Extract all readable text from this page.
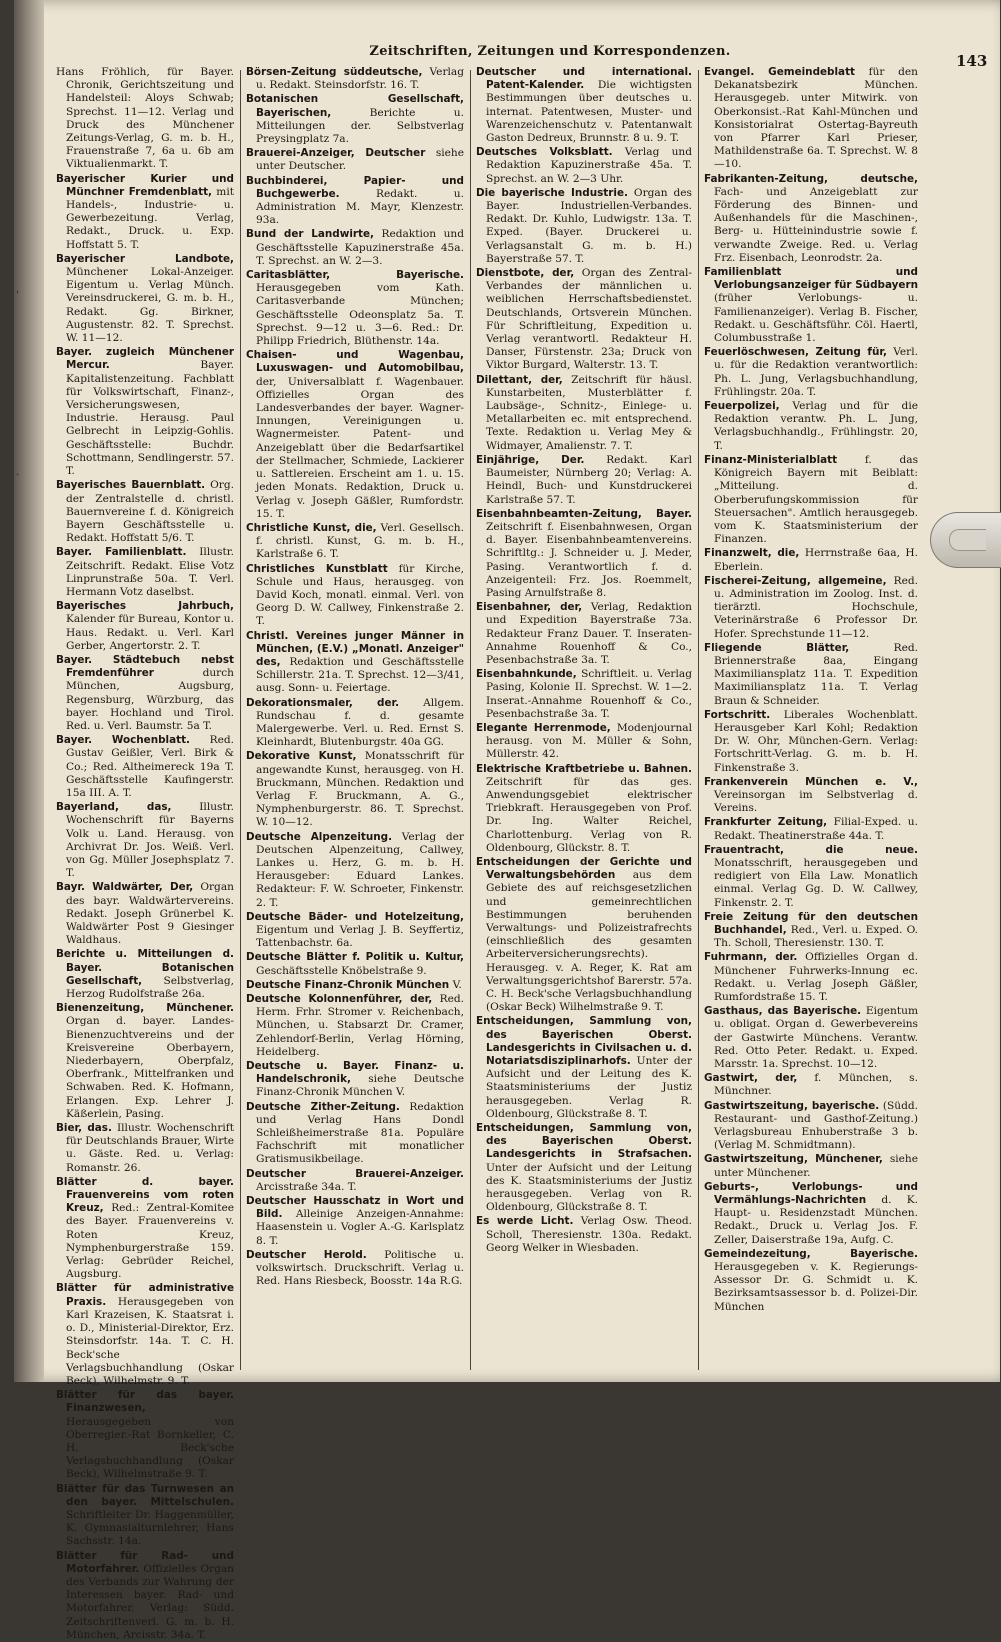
'
·
Zeitschriften, Zeitungen und Korrespondenzen.
143

Hans Fröhlich, für Bayer. Chronik, Gerichtszeitung und Handelsteil: Aloys Schwab; Sprechst. 11—12. Verlag und Druck des Münchener Zeitungs-Verlag, G. m. b. H., Frauenstraße 7, 6a u. 6b am Viktualienmarkt. T.

Bayerischer Kurier und Münchner Fremdenblatt, mit Handels-, Industrie- u. Gewerbezeitung. Verlag, Redakt., Druck. u. Exp. Hoffstatt 5. T.

Bayerischer Landbote, Münchener Lokal-Anzeiger. Eigentum u. Verlag Münch. Vereinsdruckerei, G. m. b. H., Redakt. Gg. Birkner, Augustenstr. 82. T. Sprechst. W. 11—12.

Bayer. zugleich Münchener Mercur.	Bayer. Kapitalistenzeitung. Fachblatt für Volkswirtschaft, Finanz-, Versicherungswesen, Industrie. Herausg. Paul Gelbrecht in Leipzig-Gohlis. Geschäftsstelle: Buchdr. Schottmann, Sendlingerstr. 57. T.

Bayerisches Bauernblatt. Org. der Zentralstelle d. christl. Bauernvereine f. d. Königreich Bayern Geschäftsstelle u. Redakt. Hoffstatt 5/6. T.

Bayer. Familienblatt. Illustr. Zeitschrift. Redakt. Elise Votz Linprunstraße 50a. T. Verl. Hermann Votz daselbst.

Bayerisches Jahrbuch, Kalender für Bureau, Kontor u. Haus. Redakt. u. Verl. Karl Gerber, Angertorstr. 2. T.

Bayer. Städtebuch nebst Fremdenführer	durch München, Augsburg, Regensburg, Würzburg, das bayer. Hochland und Tirol. Red. u. Verl. Baumstr. 5a T.

Bayer. Wochenblatt. Red. Gustav Geißler, Verl. Birk & Co.; Red. Altheimereck 19a T. Geschäftsstelle Kaufingerstr. 15a III. A. T.

Bayerland, das,	Illustr. Wochenschrift für Bayerns Volk u. Land. Herausg. von Archivrat Dr. Jos. Weiß. Verl. von Gg. Müller Josephsplatz 7. T.

Bayr. Waldwärter, Der, Organ des bayr. Waldwärtervereins. Redakt. Joseph Grünerbel K. Waldwärter Post 9 Giesinger Waldhaus.

Berichte u. Mitteilungen d. Bayer. Botanischen Gesellschaft, Selbstverlag, Herzog Rudolfstraße 26a.

Bienenzeitung, Münchener. Organ d. bayer. Landes-Bienenzuchtvereins und der Kreisvereine Oberbayern, Niederbayern, Oberpfalz, Oberfrank., Mittelfranken und Schwaben. Red. K. Hofmann, Erlangen. Exp. Lehrer J. Käßerlein, Pasing.

Bier, das. Illustr. Wochenschrift für Deutschlands Brauer, Wirte u. Gäste. Red. u. Verlag: Romanstr. 26.

Blätter d. bayer. Frauenvereins vom roten Kreuz, Red.: Zentral-Komitee des Bayer. Frauenvereins v. Roten Kreuz, Nymphenburgerstraße 159. Verlag: Gebrüder Reichel, Augsburg.

Blätter für administrative Praxis. Herausgegeben von Karl Krazeisen, K. Staatsrat i. o. D., Ministerial-Direktor, Erz. Steinsdorfstr. 14a. T. C. H. Beck'sche Verlagsbuchhandlung (Oskar Beck), Wilhelmstr. 9. T.

Blätter für das bayer. Finanzwesen, Herausgegeben von Oberregier.-Rat Bornkeller, C. H. Beck'sche Verlagsbuchhandlung (Oskar Beck), Wilhelmstraße 9. T.

Blätter für das Turnwesen an den bayer. Mittelschulen. Schriftleiter Dr. Haggenmüller, K. Gymnasialturnlehrer, Hans Sachsstr. 14a.

Blätter für Rad- und Motorfahrer. Offizielles Organ des Verbands zur Wahrung der Interessen bayer. Rad- und Motorfahrer. Verlag: Südd. Zeitschriftenverl. G. m. b. H. München, Arcisstr. 34a. T.

Börsen-Zeitung süddeutsche, Verlag u. Redakt. Steinsdorfstr. 16. T.

Botanischen Gesellschaft, Bayerischen,	Berichte u. Mitteilungen der. Selbstverlag Preysingplatz 7a.

Brauerei-Anzeiger, Deutscher siehe unter Deutscher.

Buchbinderei, Papier- und Buchgewerbe.	Redakt. u. Administration M. Mayr, Klenzestr. 93a.

Bund der Landwirte, Redaktion und Geschäftsstelle Kapuzinerstraße 45a. T. Sprechst. an W. 2—3.

Caritasblätter, Bayerische. Herausgegeben vom Kath. Caritasverbande München; Geschäftsstelle Odeonsplatz 5a. T. Sprechst. 9—12 u. 3—6. Red.: Dr. Philipp Friedrich, Blüthenstr. 14a.

Chaisen- und Wagenbau, Luxuswagen- und Automobilbau, der, Universalblatt f. Wagenbauer. Offizielles Organ des Landesverbandes der bayer. Wagner-Innungen, Vereinigungen u. Wagnermeister. Patent- und Anzeigeblatt über die Bedarfsartikel der Stellmacher, Schmiede, Lackierer u. Sattlereien. Erscheint am 1. u. 15. jeden Monats. Redaktion, Druck u. Verlag v. Joseph Gäßler, Rumfordstr. 15. T.

Christliche Kunst, die, Verl. Gesellsch. f. christl. Kunst, G. m. b. H., Karlstraße 6. T.

Christliches Kunstblatt für Kirche, Schule und Haus, herausgeg. von David Koch, monatl. einmal. Verl. von Georg D. W. Callwey, Finkenstraße 2. T.

Christl. Vereines junger Männer in München, (E.V.) „Monatl. Anzeiger" des, Redaktion und Geschäftsstelle Schillerstr. 21a. T. Sprechst. 12—3/41, ausg. Sonn- u. Feiertage.

Dekorationsmaler, der. Allgem. Rundschau f. d. gesamte Malergewerbe. Verl. u. Red. Ernst S. Kleinhardt, Blutenburgstr. 40a GG.

Dekorative Kunst, Monatsschrift für angewandte Kunst, herausgeg. von H. Bruckmann, München. Redaktion und Verlag F. Bruckmann, A. G., Nymphenburgerstr. 86. T. Sprechst. W. 10—12.

Deutsche Alpenzeitung. Verlag der Deutschen Alpenzeitung, Callwey, Lankes u. Herz, G. m. b. H. Herausgeber: Eduard Lankes. Redakteur: F. W. Schroeter, Finkenstr. 2. T.

Deutsche Bäder- und Hotelzeitung, Eigentum und Verlag J. B. Seyffertiz, Tattenbachstr. 6a.

Deutsche Blätter f. Politik u. Kultur, Geschäftsstelle Knöbelstraße 9.

Deutsche Finanz-Chronik München V.

Deutsche Kolonnenführer, der, Red. Herm. Frhr. Stromer v. Reichenbach, München, u. Stabsarzt Dr. Cramer, Zehlendorf-Berlin, Verlag Hörning, Heidelberg.

Deutsche u. Bayer. Finanz- u. Handelschronik, siehe Deutsche Finanz-Chronik München V.

Deutsche Zither-Zeitung. Redaktion und Verlag Hans Dondl Schleißheimerstraße 81a. Populäre Fachschrift mit monatlicher Gratismusikbeilage.

Deutscher Brauerei-Anzeiger. Arcisstraße 34a. T.

Deutscher Hausschatz in Wort und Bild. Alleinige Anzeigen-Annahme: Haasenstein u. Vogler A.-G. Karlsplatz 8. T.

Deutscher Herold. Politische u. volkswirtsch. Druckschrift. Verlag u. Red. Hans Riesbeck, Boosstr. 14a R.G.

Deutscher und international. Patent-Kalender. Die wichtigsten Bestimmungen über deutsches u. internat. Patentwesen, Muster- und Warenzeichenschutz v. Patentanwalt Gaston Dedreux, Brunnstr. 8 u. 9. T.

Deutsches Volksblatt. Verlag und Redaktion Kapuzinerstraße 45a. T. Sprechst. an W. 2—3 Uhr.

Die bayerische Industrie. Organ des Bayer. Industriellen-Verbandes. Redakt. Dr. Kuhlo, Ludwigstr. 13a. T. Exped. (Bayer. Druckerei u. Verlagsanstalt G. m. b. H.) Bayerstraße 57. T.

Dienstbote, der, Organ des Zentral-Verbandes der männlichen u. weiblichen Herrschaftsbedienstet. Deutschlands, Ortsverein München. Für Schriftleitung, Expedition u. Verlag verantwortl. Redakteur H. Danser, Fürstenstr. 23a; Druck von Viktor Burgard, Walterstr. 13. T.

Dilettant, der, Zeitschrift für häusl. Kunstarbeiten, Musterblätter f. Laubsäge-, Schnitz-, Einlege- u. Metallarbeiten ec. mit entsprechend. Texte. Redaktion u. Verlag Mey & Widmayer, Amalienstr. 7. T.

Einjährige, Der. Redakt. Karl Baumeister, Nürnberg 20; Verlag: A. Heindl, Buch- und Kunstdruckerei Karlstraße 57. T.

Eisenbahnbeamten-Zeitung, Bayer. Zeitschrift f. Eisenbahnwesen, Organ d. Bayer. Eisenbahnbeamtenvereins. Schriftltg.: J. Schneider u. J. Meder, Pasing. Verantwortlich f. d. Anzeigenteil: Frz. Jos. Roemmelt, Pasing Arnulfstraße 8.

Eisenbahner, der, Verlag, Redaktion und Expedition Bayerstraße 73a. Redakteur Franz Dauer. T. Inseraten-Annahme Rouenhoff & Co., Pesenbachstraße 3a. T.

Eisenbahnkunde, Schriftleit. u. Verlag Pasing, Kolonie II. Sprechst. W. 1—2. Inserat.-Annahme Rouenhoff & Co., Pesenbachstraße 3a. T.

Elegante Herrenmode, Modenjournal herausg. von M. Müller & Sohn, Müllerstr. 42.

Elektrische Kraftbetriebe u. Bahnen. Zeitschrift für das ges. Anwendungsgebiet elektrischer Triebkraft. Herausgegeben von Prof. Dr. Ing. Walter Reichel, Charlottenburg. Verlag von R. Oldenbourg, Glückstr. 8. T.

Entscheidungen der Gerichte und Verwaltungsbehörden aus dem Gebiete des auf reichsgesetzlichen und gemeinrechtlichen Bestimmungen beruhenden Verwaltungs- und Polizeistrafrechts (einschließlich des gesamten Arbeiterversicherungsrechts). Herausgeg. v. A. Reger, K. Rat am Verwaltungsgerichtshof Barerstr. 57a. C. H. Beck'sche Verlagsbuchhandlung (Oskar Beck) Wilhelmstraße 9. T.

Entscheidungen, Sammlung von, des Bayerischen Oberst. Landesgerichts in Civilsachen u. d. Notariatsdisziplinarhofs. Unter der Aufsicht und der Leitung des K. Staatsministeriums der Justiz herausgegeben. Verlag R. Oldenbourg, Glückstraße 8. T.

Entscheidungen, Sammlung von, des Bayerischen Oberst. Landesgerichts in Strafsachen. Unter der Aufsicht und der Leitung des K. Staatsministeriums der Justiz herausgegeben. Verlag von R. Oldenbourg, Glückstraße 8. T.

Es werde Licht. Verlag Osw. Theod. Scholl, Theresienstr. 130a. Redakt. Georg Welker in Wiesbaden.

Evangel. Gemeindeblatt für den Dekanatsbezirk München. Herausgegeb. unter Mitwirk. von Oberkonsist.-Rat Kahl-München und Konsistorialrat Ostertag-Bayreuth von Pfarrer Karl Prieser, Mathildenstraße 6a. T. Sprechst. W. 8—10.

Fabrikanten-Zeitung, deutsche, Fach- und Anzeigeblatt zur Förderung des Binnen- und Außenhandels für die Maschinen-, Berg- u. Hütteinindustrie sowie f. verwandte Zweige. Red. u. Verlag Frz. Eisenbach, Leonrodstr. 2a.

Familienblatt und Verlobungsanzeiger für Südbayern (früher Verlobungs- u. Familienanzeiger). Verlag B. Fischer, Redakt. u. Geschäftsführ. Cöl. Haertl, Columbusstraße 1.

Feuerlöschwesen, Zeitung für, Verl. u. für die Redaktion verantwortlich: Ph. L. Jung, Verlagsbuchhandlung, Frühlingstr. 20a. T.

Feuerpolizei, Verlag und für die Redaktion verantw. Ph. L. Jung, Verlagsbuchhandlg., Frühlingstr. 20, T.

Finanz-Ministerialblatt	f. das Königreich Bayern mit Beiblatt: „Mitteilung. d. Oberberufungskommission für Steuersachen". Amtlich herausgegeb. vom K. Staatsministerium der Finanzen.

Finanzwelt, die, Herrnstraße 6aa, H. Eberlein.

Fischerei-Zeitung, allgemeine, Red. u. Administration im Zoolog. Inst. d. tierärztl. Hochschule, Veterinärstraße 6 Professor Dr. Hofer. Sprechstunde 11—12.

Fliegende Blätter,	Red. Briennerstraße 8aa, Eingang Maximiliansplatz 11a. T. Expedition Maximiliansplatz 11a. T. Verlag Braun & Schneider.

Fortschritt. Liberales Wochenblatt. Herausgeber Karl Kohl; Redaktion Dr. W. Ohr, München-Gern. Verlag: Fortschritt-Verlag. G. m. b. H. Finkenstraße 3.

Frankenverein München e. V., Vereinsorgan im Selbstverlag d. Vereins.

Frankfurter Zeitung, Filial-Exped. u. Redakt. Theatinerstraße 44a. T.

Frauentracht, die neue. Monatsschrift, herausgegeben und redigiert von Ella Law. Monatlich einmal. Verlag Gg. D. W. Callwey, Finkenstr. 2. T.

Freie Zeitung für den deutschen Buchhandel, Red., Verl. u. Exped. O. Th. Scholl, Theresienstr. 130. T.

Fuhrmann, der. Offizielles Organ d. Münchener Fuhrwerks-Innung ec. Redakt. u. Verlag Joseph Gäßler, Rumfordstraße 15. T.

Gasthaus, das Bayerische. Eigentum u. obligat. Organ d. Gewerbevereins der Gastwirte Münchens. Verantw. Red. Otto Peter. Redakt. u. Exped. Marsstr. 1a. Sprechst. 10—12.

Gastwirt, der, f. München, s. Münchner.

Gastwirtszeitung, bayerische. (Südd. Restaurant- und Gasthof-Zeitung.) Verlagsbureau Enhuberstraße 3 b. (Verlag M. Schmidtmann).

Gastwirtszeitung, Münchener, siehe unter Münchener.

Geburts-, Verlobungs- und Vermählungs-Nachrichten d. K. Haupt- u. Residenzstadt München. Redakt., Druck u. Verlag Jos. F. Zeller, Daiserstraße 19a, Aufg. C.

Gemeindezeitung, Bayerische. Herausgegeben v. K. Regierungs-Assessor Dr. G. Schmidt u. K. Bezirksamtsassessor b. d. Polizei-Dir. München
